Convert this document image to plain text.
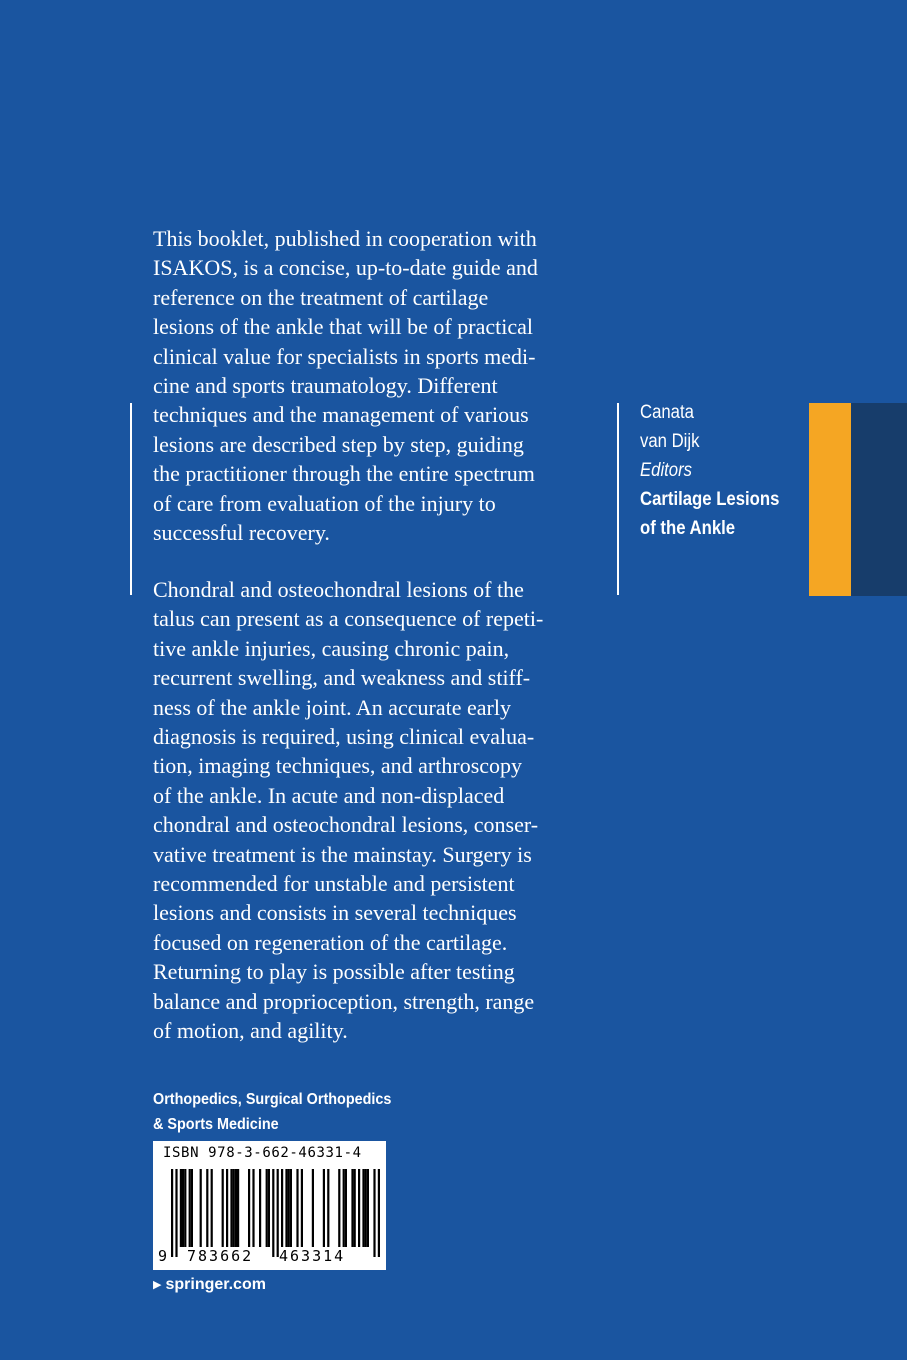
This booklet, published in cooperation with
ISAKOS, is a concise, up-to-date guide and
reference on the treatment of cartilage
lesions of the ankle that will be of practical
clinical value for specialists in sports medi-
cine and sports traumatology. Different
techniques and the management of various
lesions are described step by step, guiding
the practitioner through the entire spectrum
of care from evaluation of the injury to
successful recovery.
Chondral and osteochondral lesions of the
talus can present as a consequence of repeti-
tive ankle injuries, causing chronic pain,
recurrent swelling, and weakness and stiff-
ness of the ankle joint. An accurate early
diagnosis is required, using clinical evalua-
tion, imaging techniques, and arthroscopy
of the ankle. In acute and non-displaced
chondral and osteochondral lesions, conser-
vative treatment is the mainstay. Surgery is
recommended for unstable and persistent
lesions and consists in several techniques
focused on regeneration of the cartilage.
Returning to play is possible after testing
balance and proprioception, strength, range
of motion, and agility.
Canata
van Dijk
Editors
Cartilage Lesions
of the Ankle
Orthopedics, Surgical Orthopedics
& Sports Medicine
ISBN 978-3-662-46331-4
9 783662 463314
▶ springer.com
